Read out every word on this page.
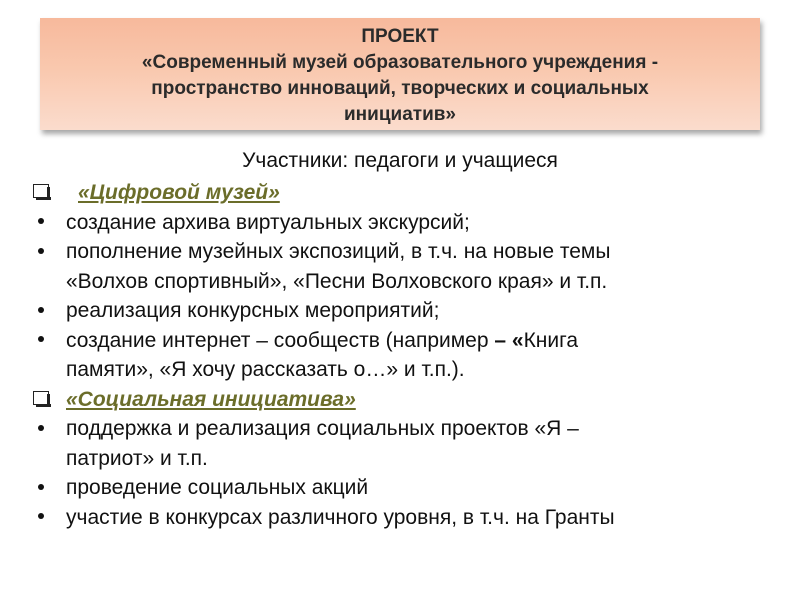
ПРОЕКТ
«Современный музей образовательного учреждения -
пространство инноваций, творческих и социальных
инициатив»
Участники: педагоги и учащиеся
«Цифровой музей»
создание архива виртуальных экскурсий;
пополнение музейных экспозиций, в т.ч. на новые темы
«Волхов спортивный», «Песни Волховского края» и т.п.
реализация конкурсных мероприятий;
создание интернет – сообществ (например – «Книга
памяти», «Я хочу рассказать о…» и т.п.).
«Социальная инициатива»
поддержка и реализация социальных проектов «Я –
патриот» и т.п.
проведение социальных акций
участие в конкурсах различного уровня, в т.ч. на Гранты
